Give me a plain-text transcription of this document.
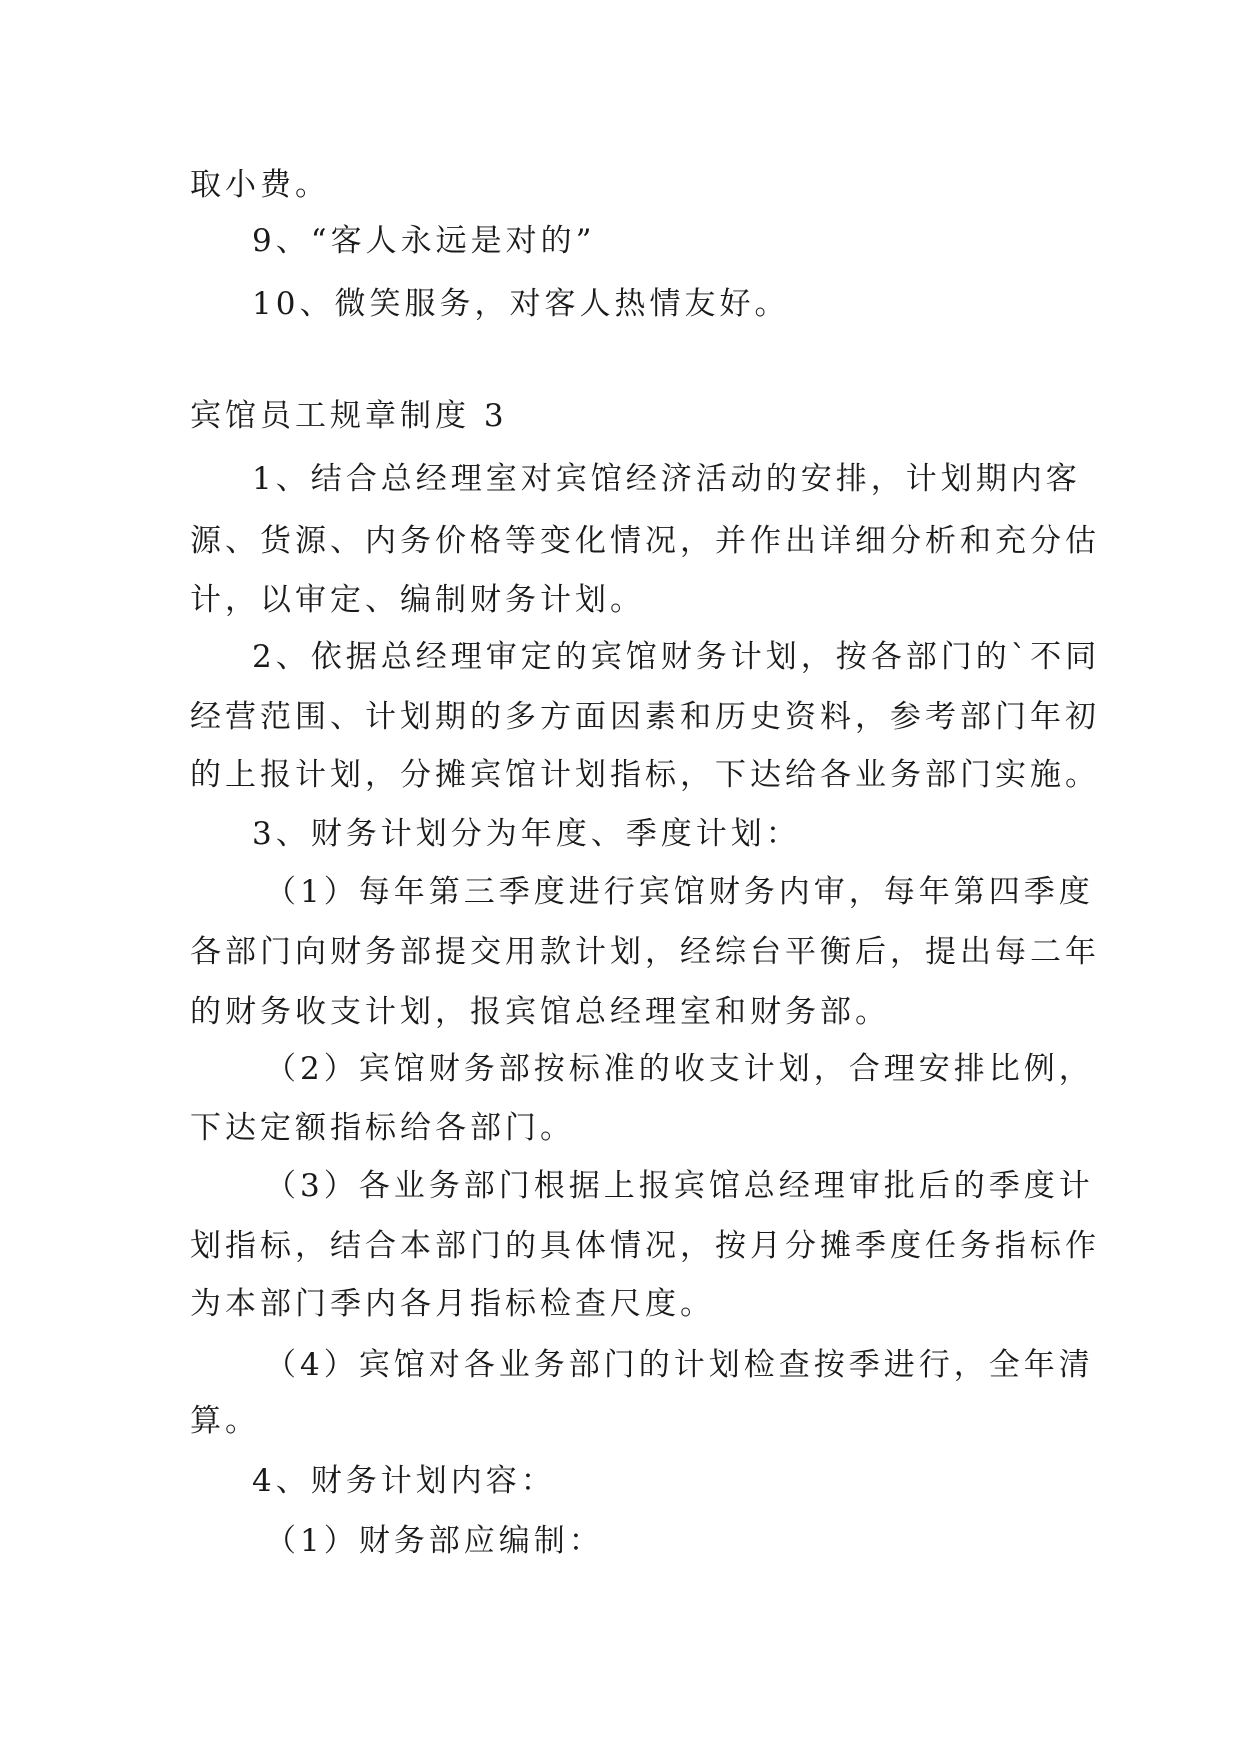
取小费。
9、“客人永远是对的”
10、微笑服务，对客人热情友好。
宾馆员工规章制度 3
1、结合总经理室对宾馆经济活动的安排，计划期内客
源、货源、内务价格等变化情况，并作出详细分析和充分估
计，以审定、编制财务计划。
2、依据总经理审定的宾馆财务计划，按各部门的`不同
经营范围、计划期的多方面因素和历史资料，参考部门年初
的上报计划，分摊宾馆计划指标，下达给各业务部门实施。
3、财务计划分为年度、季度计划：
（1）每年第三季度进行宾馆财务内审，每年第四季度
各部门向财务部提交用款计划，经综台平衡后，提出每二年
的财务收支计划，报宾馆总经理室和财务部。
（2）宾馆财务部按标准的收支计划，合理安排比例，
下达定额指标给各部门。
（3）各业务部门根据上报宾馆总经理审批后的季度计
划指标，结合本部门的具体情况，按月分摊季度任务指标作
为本部门季内各月指标检查尺度。
（4）宾馆对各业务部门的计划检查按季进行，全年清
算。
4、财务计划内容：
（1）财务部应编制：
